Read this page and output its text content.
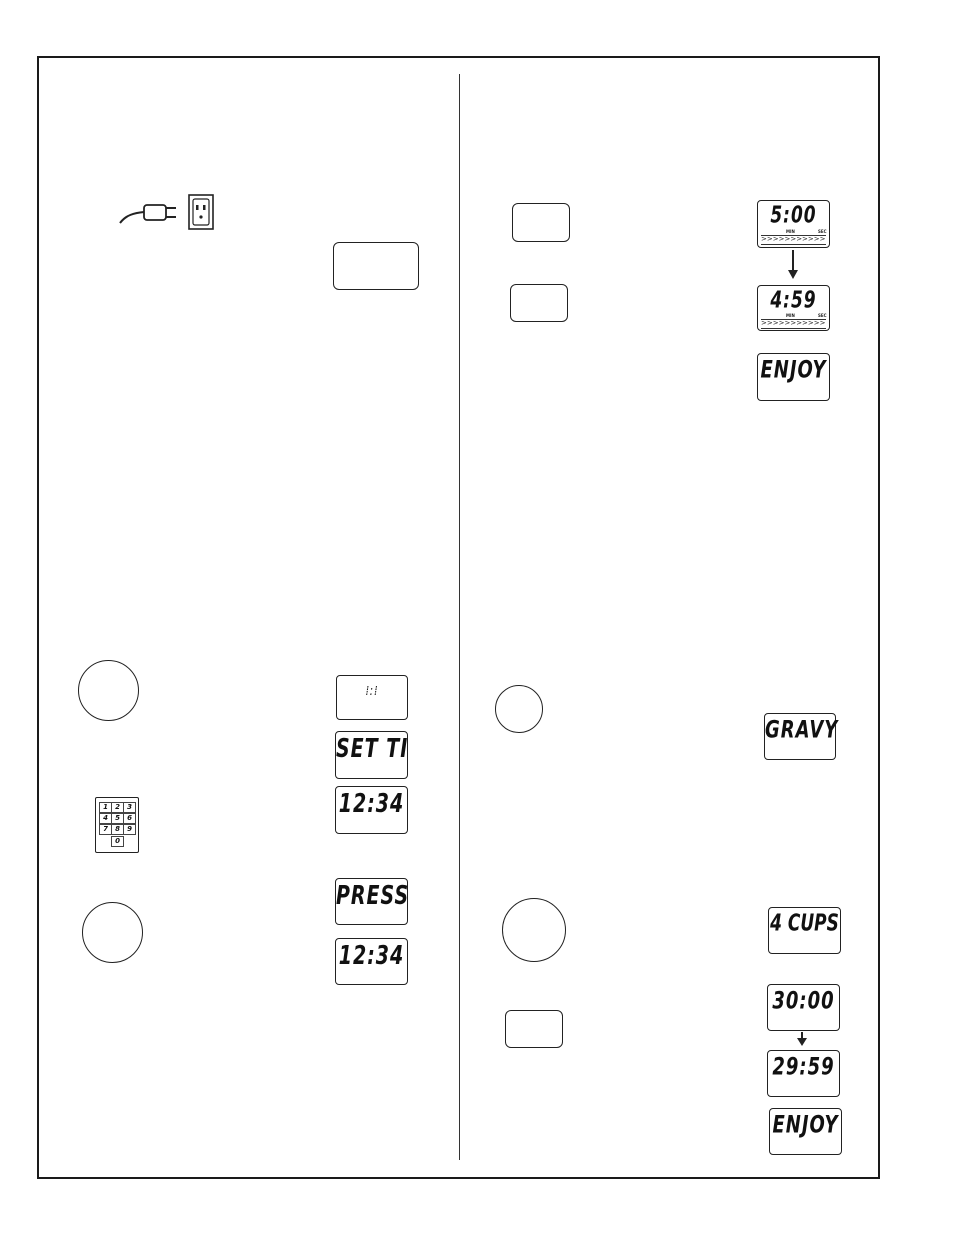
⁞:⁞
SET TI
1	2	3
4	5	6
7	8	9
0
12:34
PRESS
12:34
5:00
MIN	SEC
>>>>>>>>>>>
4:59
MIN	SEC
>>>>>>>>>>>
ENJOY
GRAVY
4 CUPS
30:00
29:59
ENJOY
